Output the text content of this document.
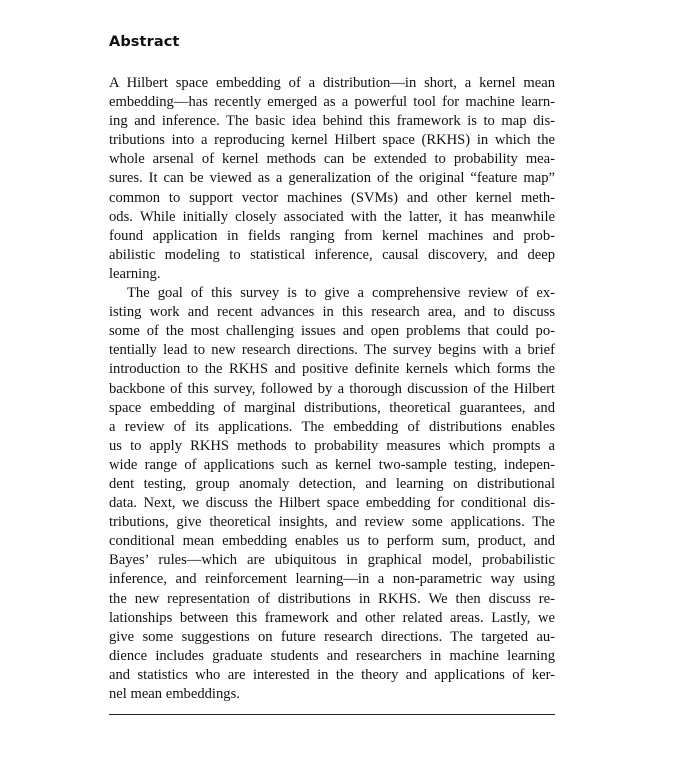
Abstract
A Hilbert space embedding of a distribution—in short, a kernel mean
embedding—has recently emerged as a powerful tool for machine learn-
ing and inference. The basic idea behind this framework is to map dis-
tributions into a reproducing kernel Hilbert space (RKHS) in which the
whole arsenal of kernel methods can be extended to probability mea-
sures. It can be viewed as a generalization of the original “feature map”
common to support vector machines (SVMs) and other kernel meth-
ods. While initially closely associated with the latter, it has meanwhile
found application in fields ranging from kernel machines and prob-
abilistic modeling to statistical inference, causal discovery, and deep
learning.
The goal of this survey is to give a comprehensive review of ex-
isting work and recent advances in this research area, and to discuss
some of the most challenging issues and open problems that could po-
tentially lead to new research directions. The survey begins with a brief
introduction to the RKHS and positive definite kernels which forms the
backbone of this survey, followed by a thorough discussion of the Hilbert
space embedding of marginal distributions, theoretical guarantees, and
a review of its applications. The embedding of distributions enables
us to apply RKHS methods to probability measures which prompts a
wide range of applications such as kernel two-sample testing, indepen-
dent testing, group anomaly detection, and learning on distributional
data. Next, we discuss the Hilbert space embedding for conditional dis-
tributions, give theoretical insights, and review some applications. The
conditional mean embedding enables us to perform sum, product, and
Bayes’ rules—which are ubiquitous in graphical model, probabilistic
inference, and reinforcement learning—in a non-parametric way using
the new representation of distributions in RKHS. We then discuss re-
lationships between this framework and other related areas. Lastly, we
give some suggestions on future research directions. The targeted au-
dience includes graduate students and researchers in machine learning
and statistics who are interested in the theory and applications of ker-
nel mean embeddings.
